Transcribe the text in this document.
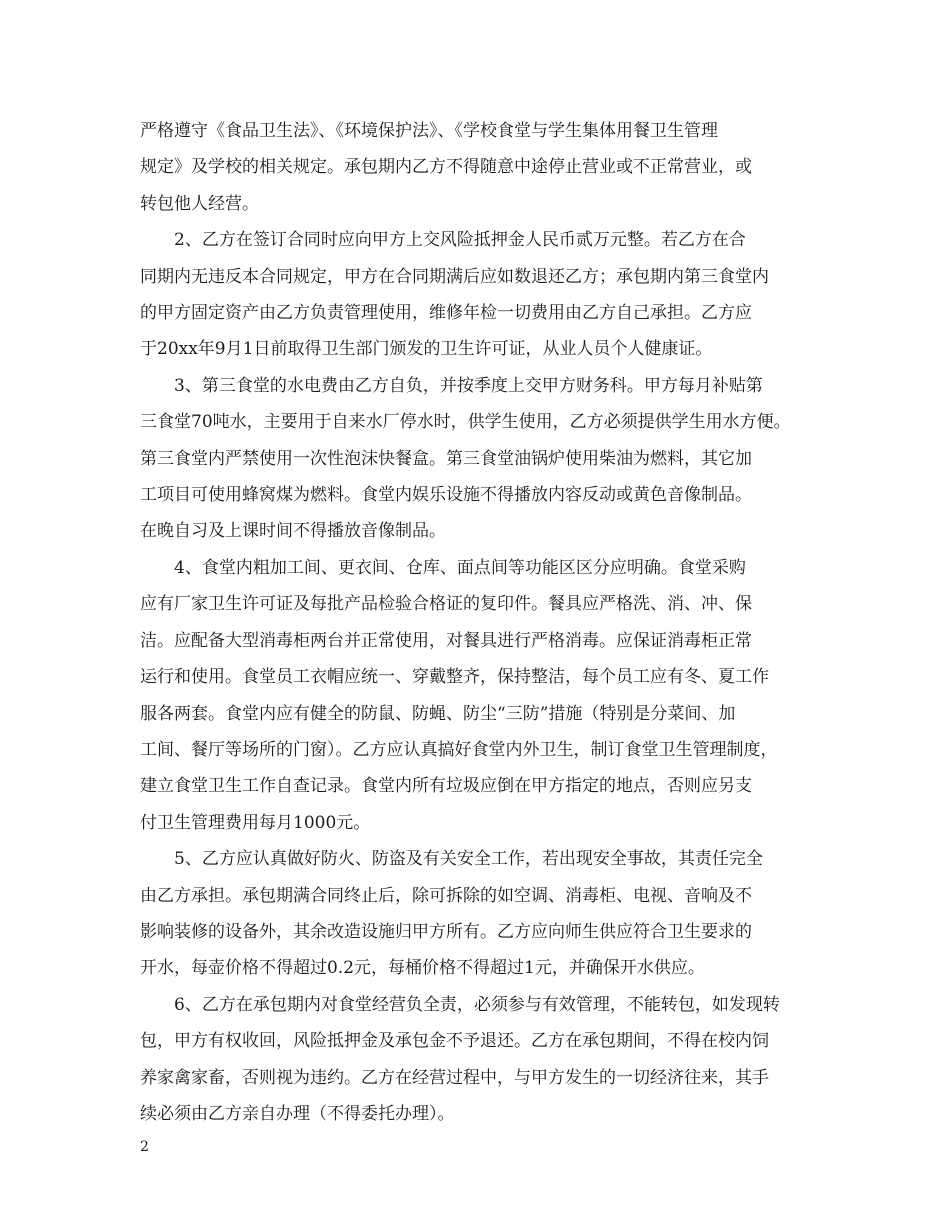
严格遵守《食品卫生法》、《环境保护法》、《学校食堂与学生集体用餐卫生管理
规定》及学校的相关规定。承包期内乙方不得随意中途停止营业或不正常营业，或
转包他人经营。

2、乙方在签订合同时应向甲方上交风险抵押金人民币贰万元整。若乙方在合
同期内无违反本合同规定，甲方在合同期满后应如数退还乙方；承包期内第三食堂内
的甲方固定资产由乙方负责管理使用，维修年检一切费用由乙方自己承担。乙方应
于20xx年9月1日前取得卫生部门颁发的卫生许可证，从业人员个人健康证。

3、第三食堂的水电费由乙方自负，并按季度上交甲方财务科。甲方每月补贴第
三食堂70吨水，主要用于自来水厂停水时，供学生使用，乙方必须提供学生用水方便。
第三食堂内严禁使用一次性泡沫快餐盒。第三食堂油锅炉使用柴油为燃料，其它加
工项目可使用蜂窝煤为燃料。食堂内娱乐设施不得播放内容反动或黄色音像制品。
在晚自习及上课时间不得播放音像制品。

4、食堂内粗加工间、更衣间、仓库、面点间等功能区区分应明确。食堂采购
应有厂家卫生许可证及每批产品检验合格证的复印件。餐具应严格洗、消、冲、保
洁。应配备大型消毒柜两台并正常使用，对餐具进行严格消毒。应保证消毒柜正常
运行和使用。食堂员工衣帽应统一、穿戴整齐，保持整洁，每个员工应有冬、夏工作
服各两套。食堂内应有健全的防鼠、防蝇、防尘“三防”措施（特别是分菜间、加
工间、餐厅等场所的门窗）。乙方应认真搞好食堂内外卫生，制订食堂卫生管理制度，
建立食堂卫生工作自查记录。食堂内所有垃圾应倒在甲方指定的地点，否则应另支
付卫生管理费用每月1000元。

5、乙方应认真做好防火、防盗及有关安全工作，若出现安全事故，其责任完全
由乙方承担。承包期满合同终止后，除可拆除的如空调、消毒柜、电视、音响及不
影响装修的设备外，其余改造设施归甲方所有。乙方应向师生供应符合卫生要求的
开水，每壶价格不得超过0.2元，每桶价格不得超过1元，并确保开水供应。

6、乙方在承包期内对食堂经营负全责，必须参与有效管理，不能转包，如发现转
包，甲方有权收回，风险抵押金及承包金不予退还。乙方在承包期间，不得在校内饲
养家禽家畜，否则视为违约。乙方在经营过程中，与甲方发生的一切经济往来，其手
续必须由乙方亲自办理（不得委托办理）。

2
